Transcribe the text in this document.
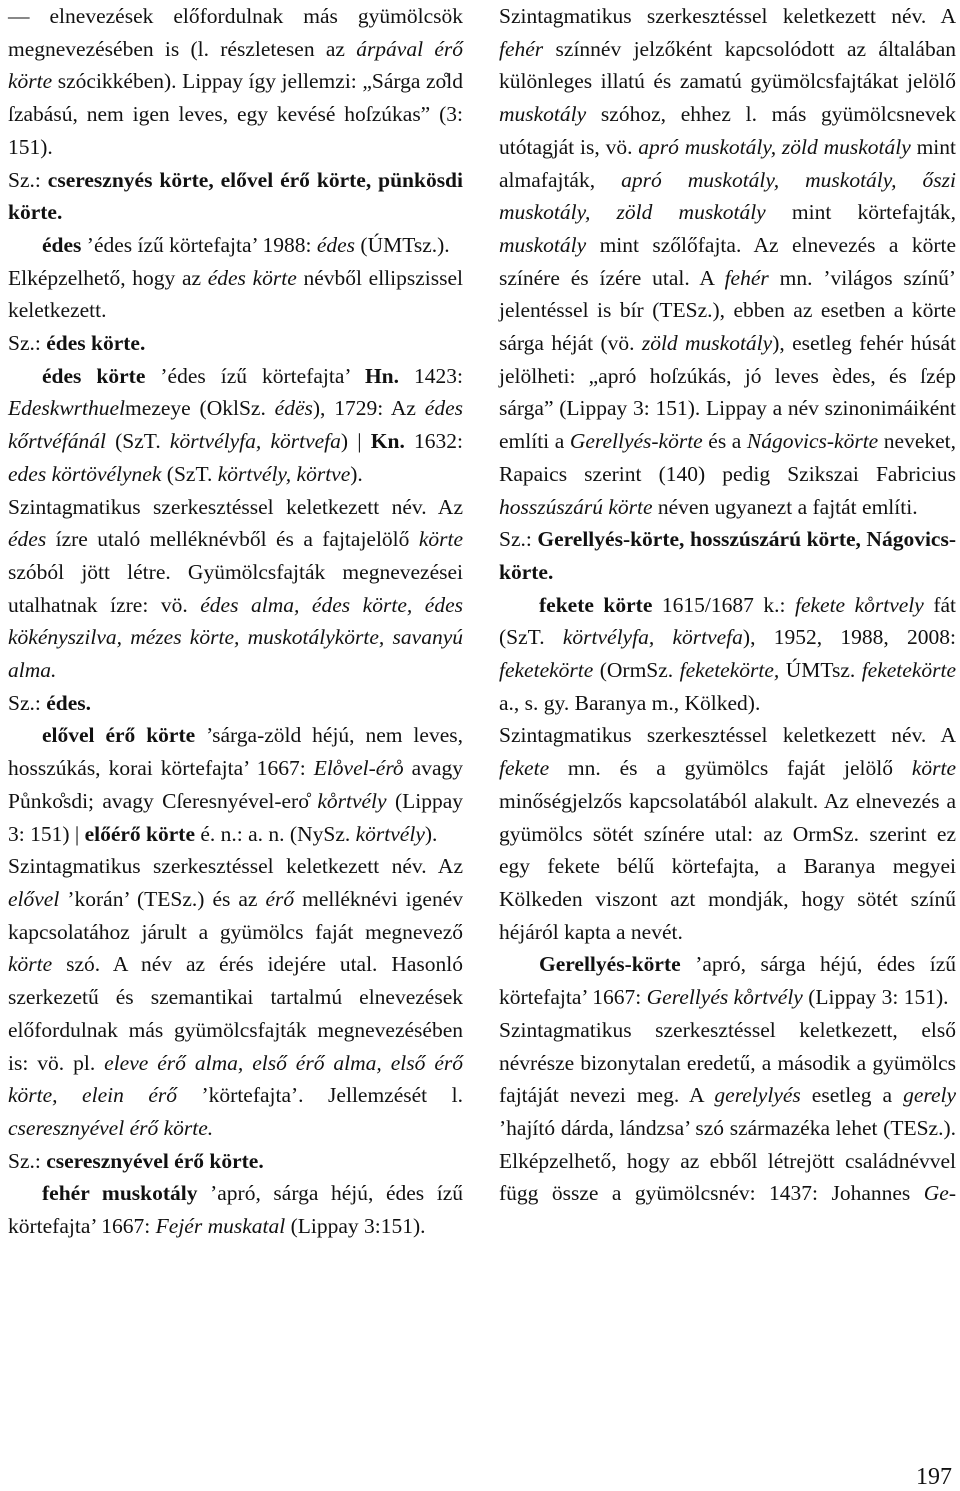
— elnevezések előfordulnak más gyümölcsök megnevezésében is (l. részletesen az árpával érő körte szócikkében). Lippay így jellemzi: „Sárga zo̊ld ſzabású, nem igen leves, egy kevésé hoſzúkas” (3: 151).

Sz.: cseresznyés körte, elővel érő körte, pünkösdi körte.

édes ’édes ízű körtefajta’ 1988: édes (ÚMTsz.).

Elképzelhető, hogy az édes körte névből ellipszissel keletkezett.

Sz.: édes körte.

édes körte ’édes ízű körtefajta’ Hn. 1423: Edeskwrthuelmezeye (OklSz. édës), 1729: Az édes kőrtvéfánál (SzT. körtvélyfa, körtvefa) | Kn. 1632: edes körtövélynek (SzT. körtvély, körtve).

Szintagmatikus szerkesztéssel keletkezett név. Az édes ízre utaló melléknévből és a fajtajelölő körte szóból jött létre. Gyümölcsfajták megnevezései utalhatnak ízre: vö. édes alma, édes körte, édes kökényszilva, mézes körte, muskotálykörte, savanyú alma.

Sz.: édes.

elővel érő körte ’sárga-zöld héjú, nem leves, hosszúkás, korai körtefajta’ 1667: Elo̊vel-éro̊ avagy Půnko̊sdi; avagy Cſeresnyével-ero̊ ko̊rtvély (Lippay 3: 151) | előérő körte é. n.: a. n. (NySz. körtvély).

Szintagmatikus szerkesztéssel keletkezett név. Az elővel ’korán’ (TESz.) és az érő melléknévi igenév kapcsolatához járult a gyümölcs faját megnevező körte szó. A név az érés idejére utal. Hasonló szerkezetű és szemantikai tartalmú elnevezések előfordulnak más gyümölcsfajták megnevezésében is: vö. pl. eleve érő alma, első érő alma, első érő körte, elein érő ’körtefajta’. Jellemzését l. cseresznyével érő körte.

Sz.: cseresznyével érő körte.

fehér muskotály ’apró, sárga héjú, édes ízű körtefajta’ 1667: Fejér muskatal (Lippay 3:151).

Szintagmatikus szerkesztéssel keletkezett név. A fehér színnév jelzőként kapcsolódott az általában különleges illatú és zamatú gyümölcsfajtákat jelölő muskotály szóhoz, ehhez l. más gyümölcsnevek utótagját is, vö. apró muskotály, zöld muskotály mint almafajták, apró muskotály, muskotály, őszi muskotály, zöld muskotály mint körtefajták, muskotály mint szőlőfajta. Az elnevezés a körte színére és ízére utal. A fehér mn. ’világos színű’ jelentéssel is bír (TESz.), ebben az esetben a körte sárga héját (vö. zöld muskotály), esetleg fehér húsát jelölheti: „apró hoſzúkás, jó leves èdes, és ſzép sárga” (Lippay 3: 151). Lippay a név szinonimáiként említi a Gerellyés-körte és a Nágovics-körte neveket, Rapaics szerint (140) pedig Szikszai Fabricius hosszúszárú körte néven ugyanezt a fajtát említi.

Sz.: Gerellyés-körte, hosszúszárú körte, Nágovics-körte.

fekete körte 1615/1687 k.: fekete ko̊rtvely fát (SzT. körtvélyfa, körtvefa), 1952, 1988, 2008: feketekörte (OrmSz. feketekörte, ÚMTsz. feketekörte a., s. gy. Baranya m., Kölked).

Szintagmatikus szerkesztéssel keletkezett név. A fekete mn. és a gyümölcs faját jelölő körte minőségjelzős kapcsolatából alakult. Az elnevezés a gyümölcs sötét színére utal: az OrmSz. szerint ez egy fekete bélű körtefajta, a Baranya megyei Kölkeden viszont azt mondják, hogy sötét színű héjáról kapta a nevét.

Gerellyés-körte ’apró, sárga héjú, édes ízű körtefajta’ 1667: Gerellyés ko̊rtvély (Lippay 3: 151).

Szintagmatikus szerkesztéssel keletkezett, első névrésze bizonytalan eredetű, a második a gyümölcs fajtáját nevezi meg. A gerelylyés esetleg a gerely ’hajító dárda, lándzsa’ szó származéka lehet (TESz.). Elképzelhető, hogy az ebből létrejött családnévvel függ össze a gyümölcsnév: 1437: Johannes Ge-

197
